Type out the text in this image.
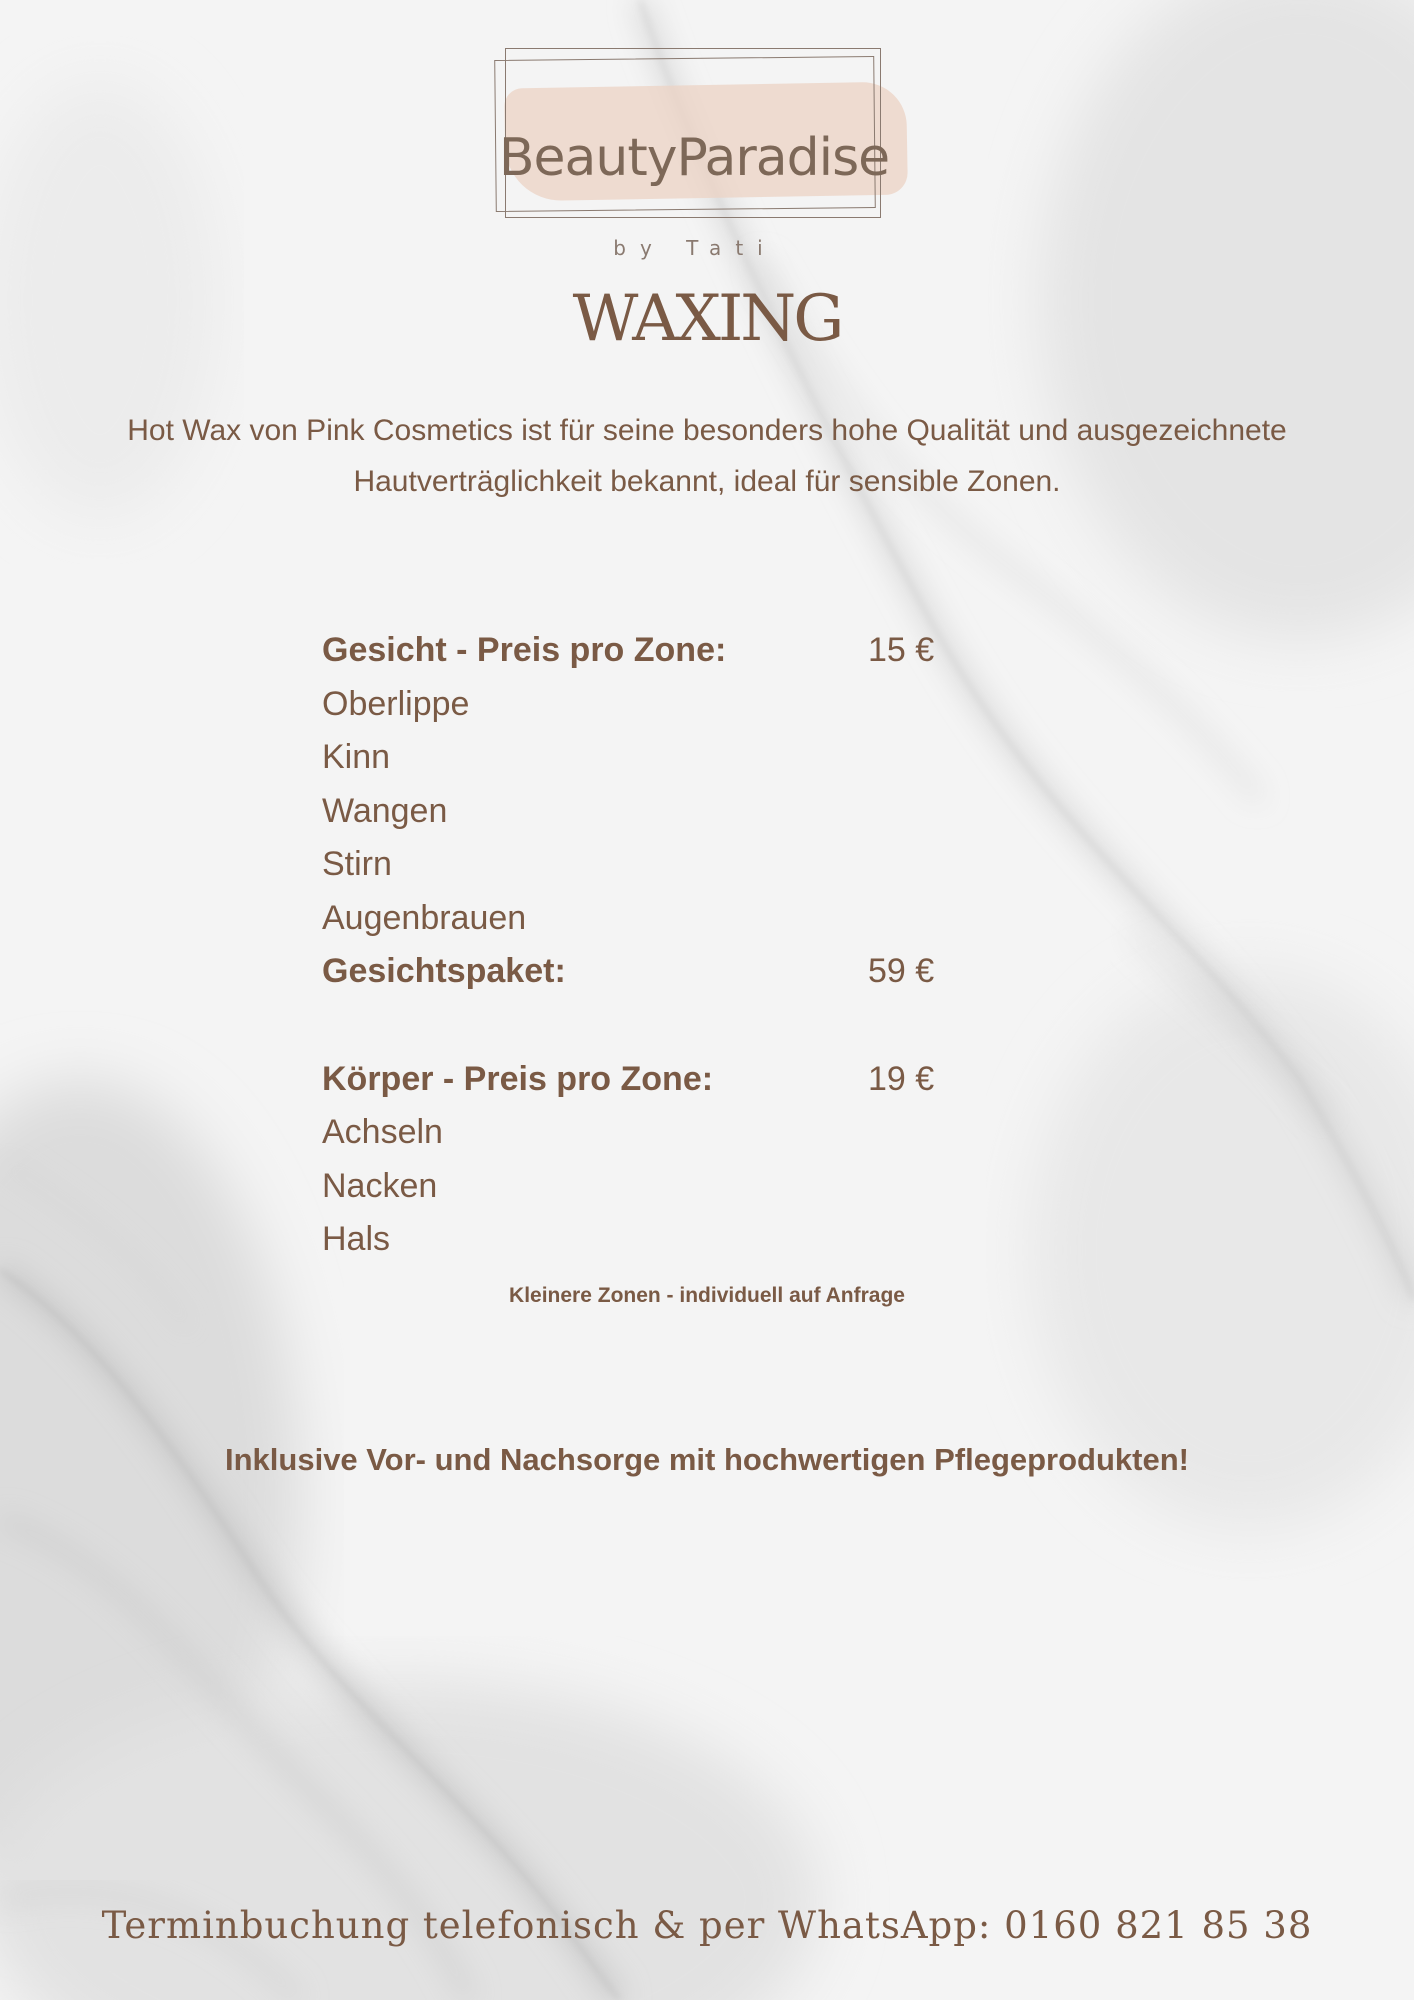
BeautyParadise
by Tati
WAXING

Hot Wax von Pink Cosmetics ist für seine besonders hohe Qualität und ausgezeichnete Hautverträglichkeit bekannt, ideal für sensible Zonen.

Gesicht - Preis pro Zone:	15 €
Oberlippe
Kinn
Wangen
Stirn
Augenbrauen
Gesichtspaket:	59 €
Körper - Preis pro Zone:	19 €
Achseln
Nacken
Hals
Kleinere Zonen - individuell auf Anfrage
Inklusive Vor- und Nachsorge mit hochwertigen Pflegeprodukten!
Terminbuchung telefonisch & per WhatsApp: 0160 821 85 38
